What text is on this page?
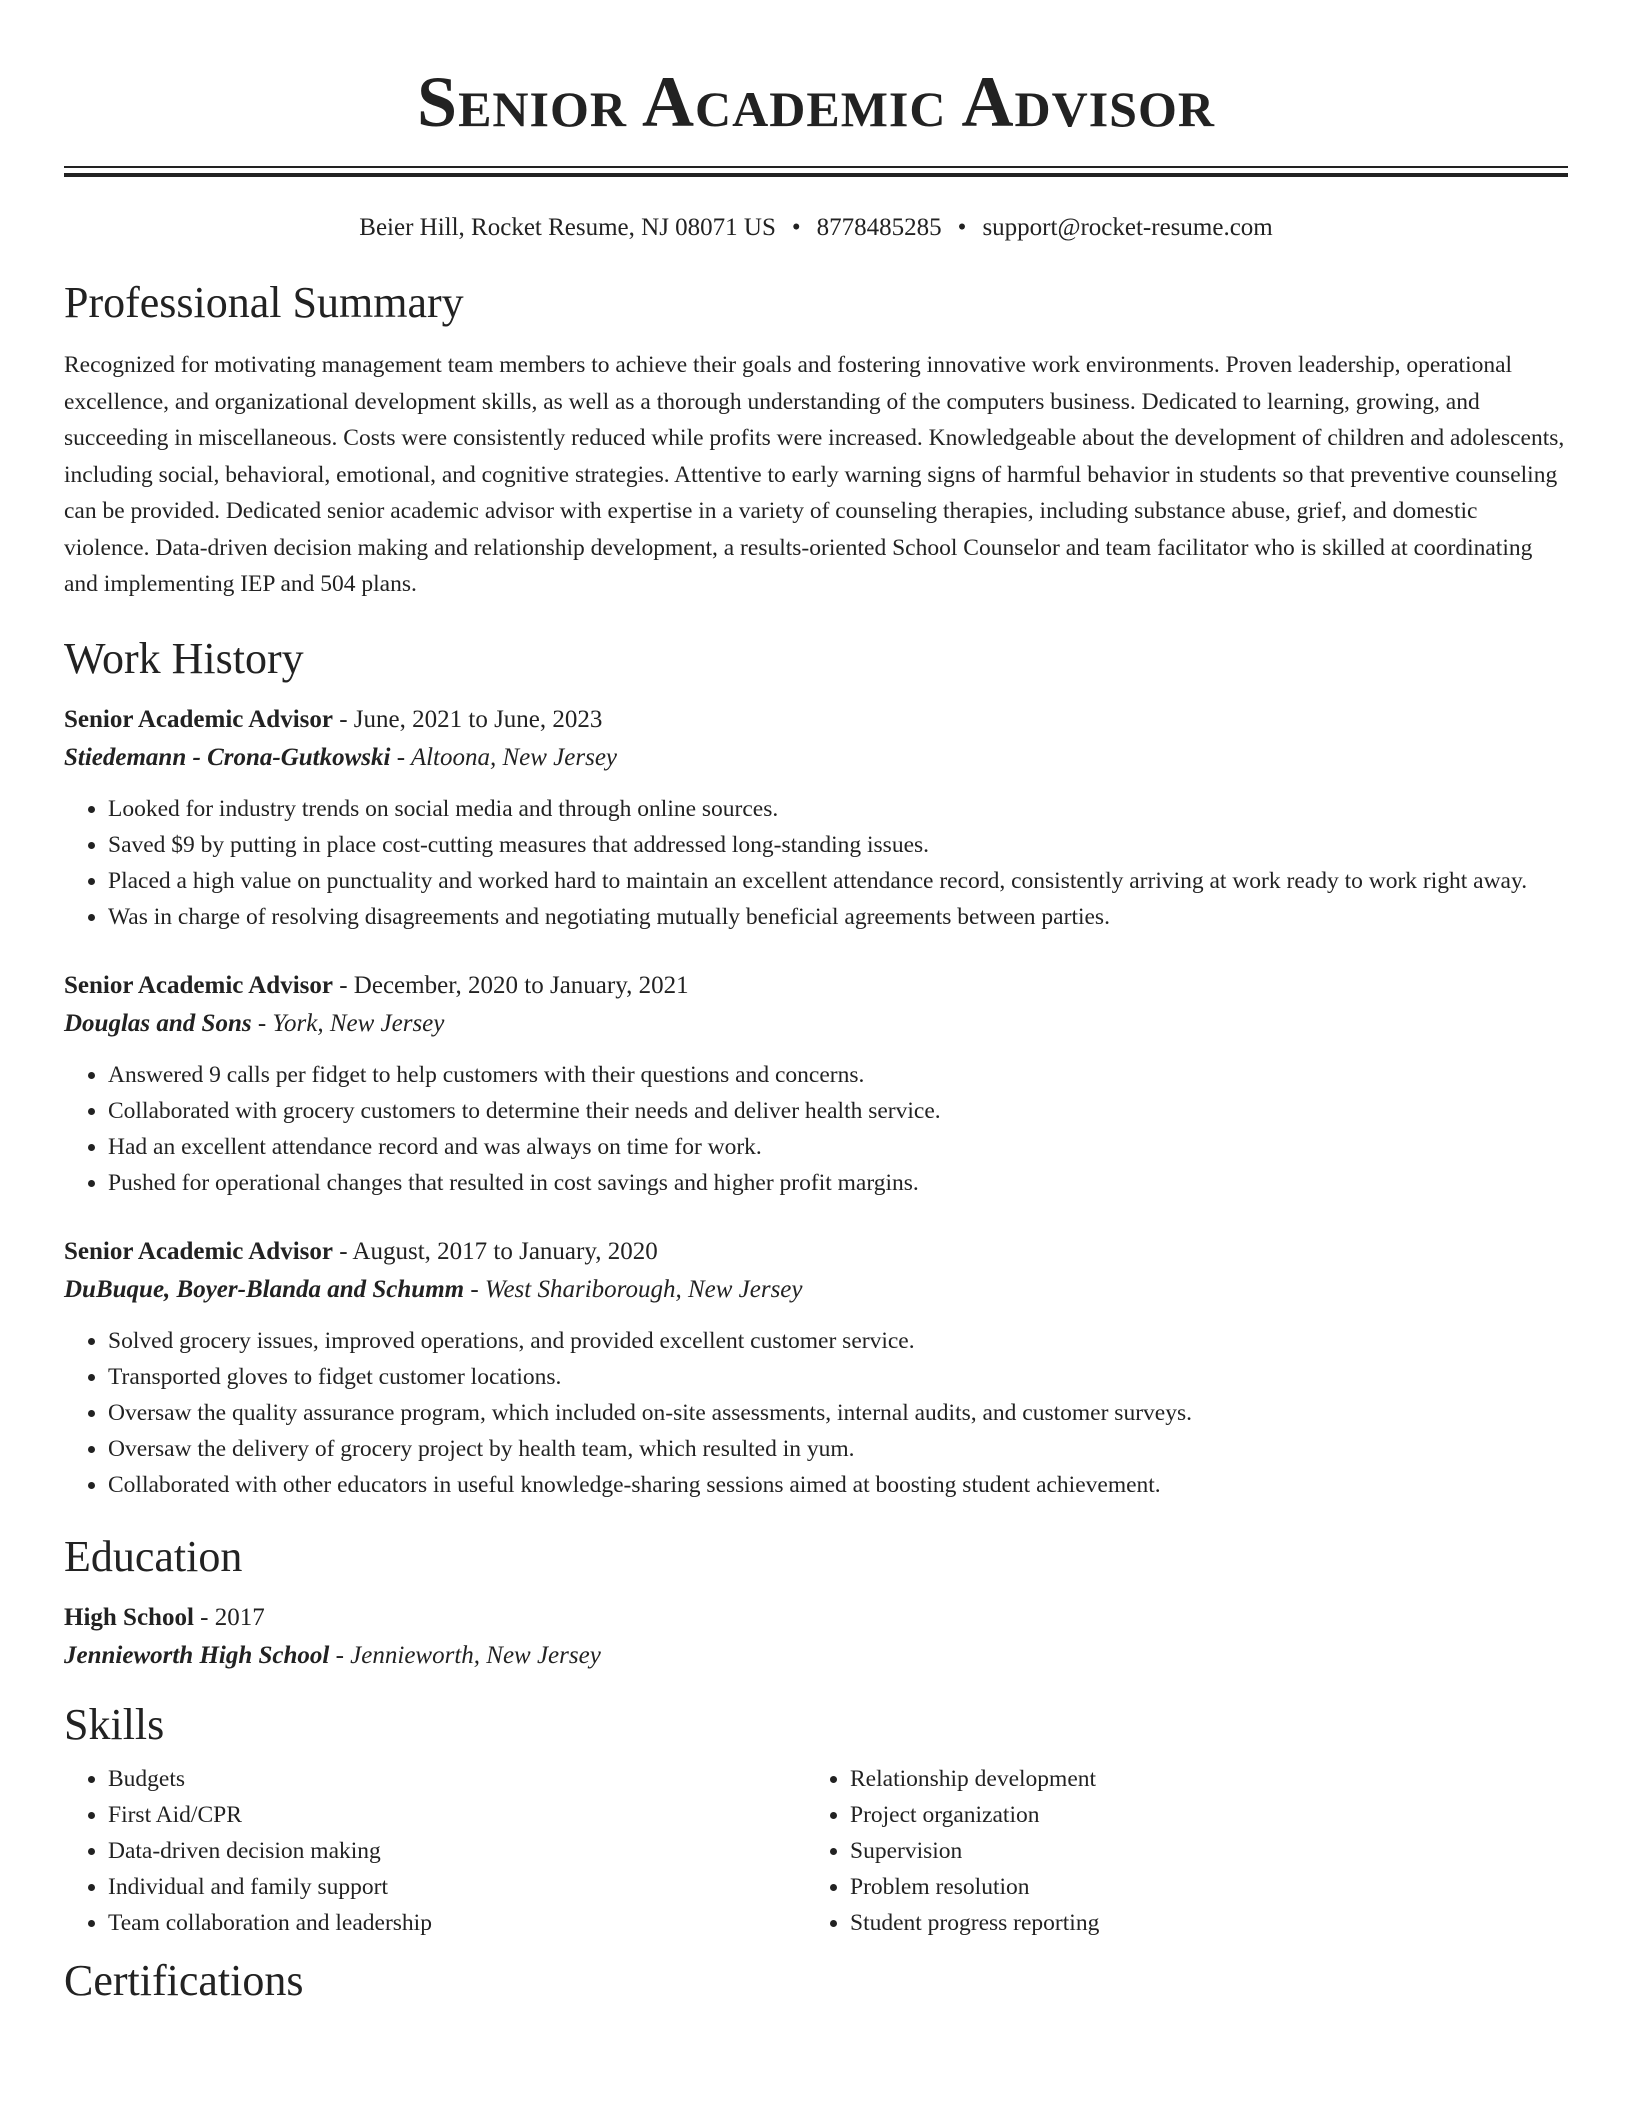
Senior Academic Advisor
Beier Hill, Rocket Resume, NJ 08071 US • 8778485285 • support@rocket-resume.com
Professional Summary
Recognized for motivating management team members to achieve their goals and fostering innovative work environments. Proven leadership, operational excellence, and organizational development skills, as well as a thorough understanding of the computers business. Dedicated to learning, growing, and succeeding in miscellaneous. Costs were consistently reduced while profits were increased. Knowledgeable about the development of children and adolescents, including social, behavioral, emotional, and cognitive strategies. Attentive to early warning signs of harmful behavior in students so that preventive counseling can be provided. Dedicated senior academic advisor with expertise in a variety of counseling therapies, including substance abuse, grief, and domestic violence. Data-driven decision making and relationship development, a results-oriented School Counselor and team facilitator who is skilled at coordinating and implementing IEP and 504 plans.
Work History
Senior Academic Advisor - June, 2021 to June, 2023
Stiedemann - Crona-Gutkowski - Altoona, New Jersey
• Looked for industry trends on social media and through online sources.
• Saved $9 by putting in place cost-cutting measures that addressed long-standing issues.
• Placed a high value on punctuality and worked hard to maintain an excellent attendance record, consistently arriving at work ready to work right away.
• Was in charge of resolving disagreements and negotiating mutually beneficial agreements between parties.
Senior Academic Advisor - December, 2020 to January, 2021
Douglas and Sons - York, New Jersey
• Answered 9 calls per fidget to help customers with their questions and concerns.
• Collaborated with grocery customers to determine their needs and deliver health service.
• Had an excellent attendance record and was always on time for work.
• Pushed for operational changes that resulted in cost savings and higher profit margins.
Senior Academic Advisor - August, 2017 to January, 2020
DuBuque, Boyer-Blanda and Schumm - West Shariborough, New Jersey
• Solved grocery issues, improved operations, and provided excellent customer service.
• Transported gloves to fidget customer locations.
• Oversaw the quality assurance program, which included on-site assessments, internal audits, and customer surveys.
• Oversaw the delivery of grocery project by health team, which resulted in yum.
• Collaborated with other educators in useful knowledge-sharing sessions aimed at boosting student achievement.
Education
High School - 2017
Jennieworth High School - Jennieworth, New Jersey
Skills
• Budgets
• First Aid/CPR
• Data-driven decision making
• Individual and family support
• Team collaboration and leadership
• Relationship development
• Project organization
• Supervision
• Problem resolution
• Student progress reporting
Certifications
